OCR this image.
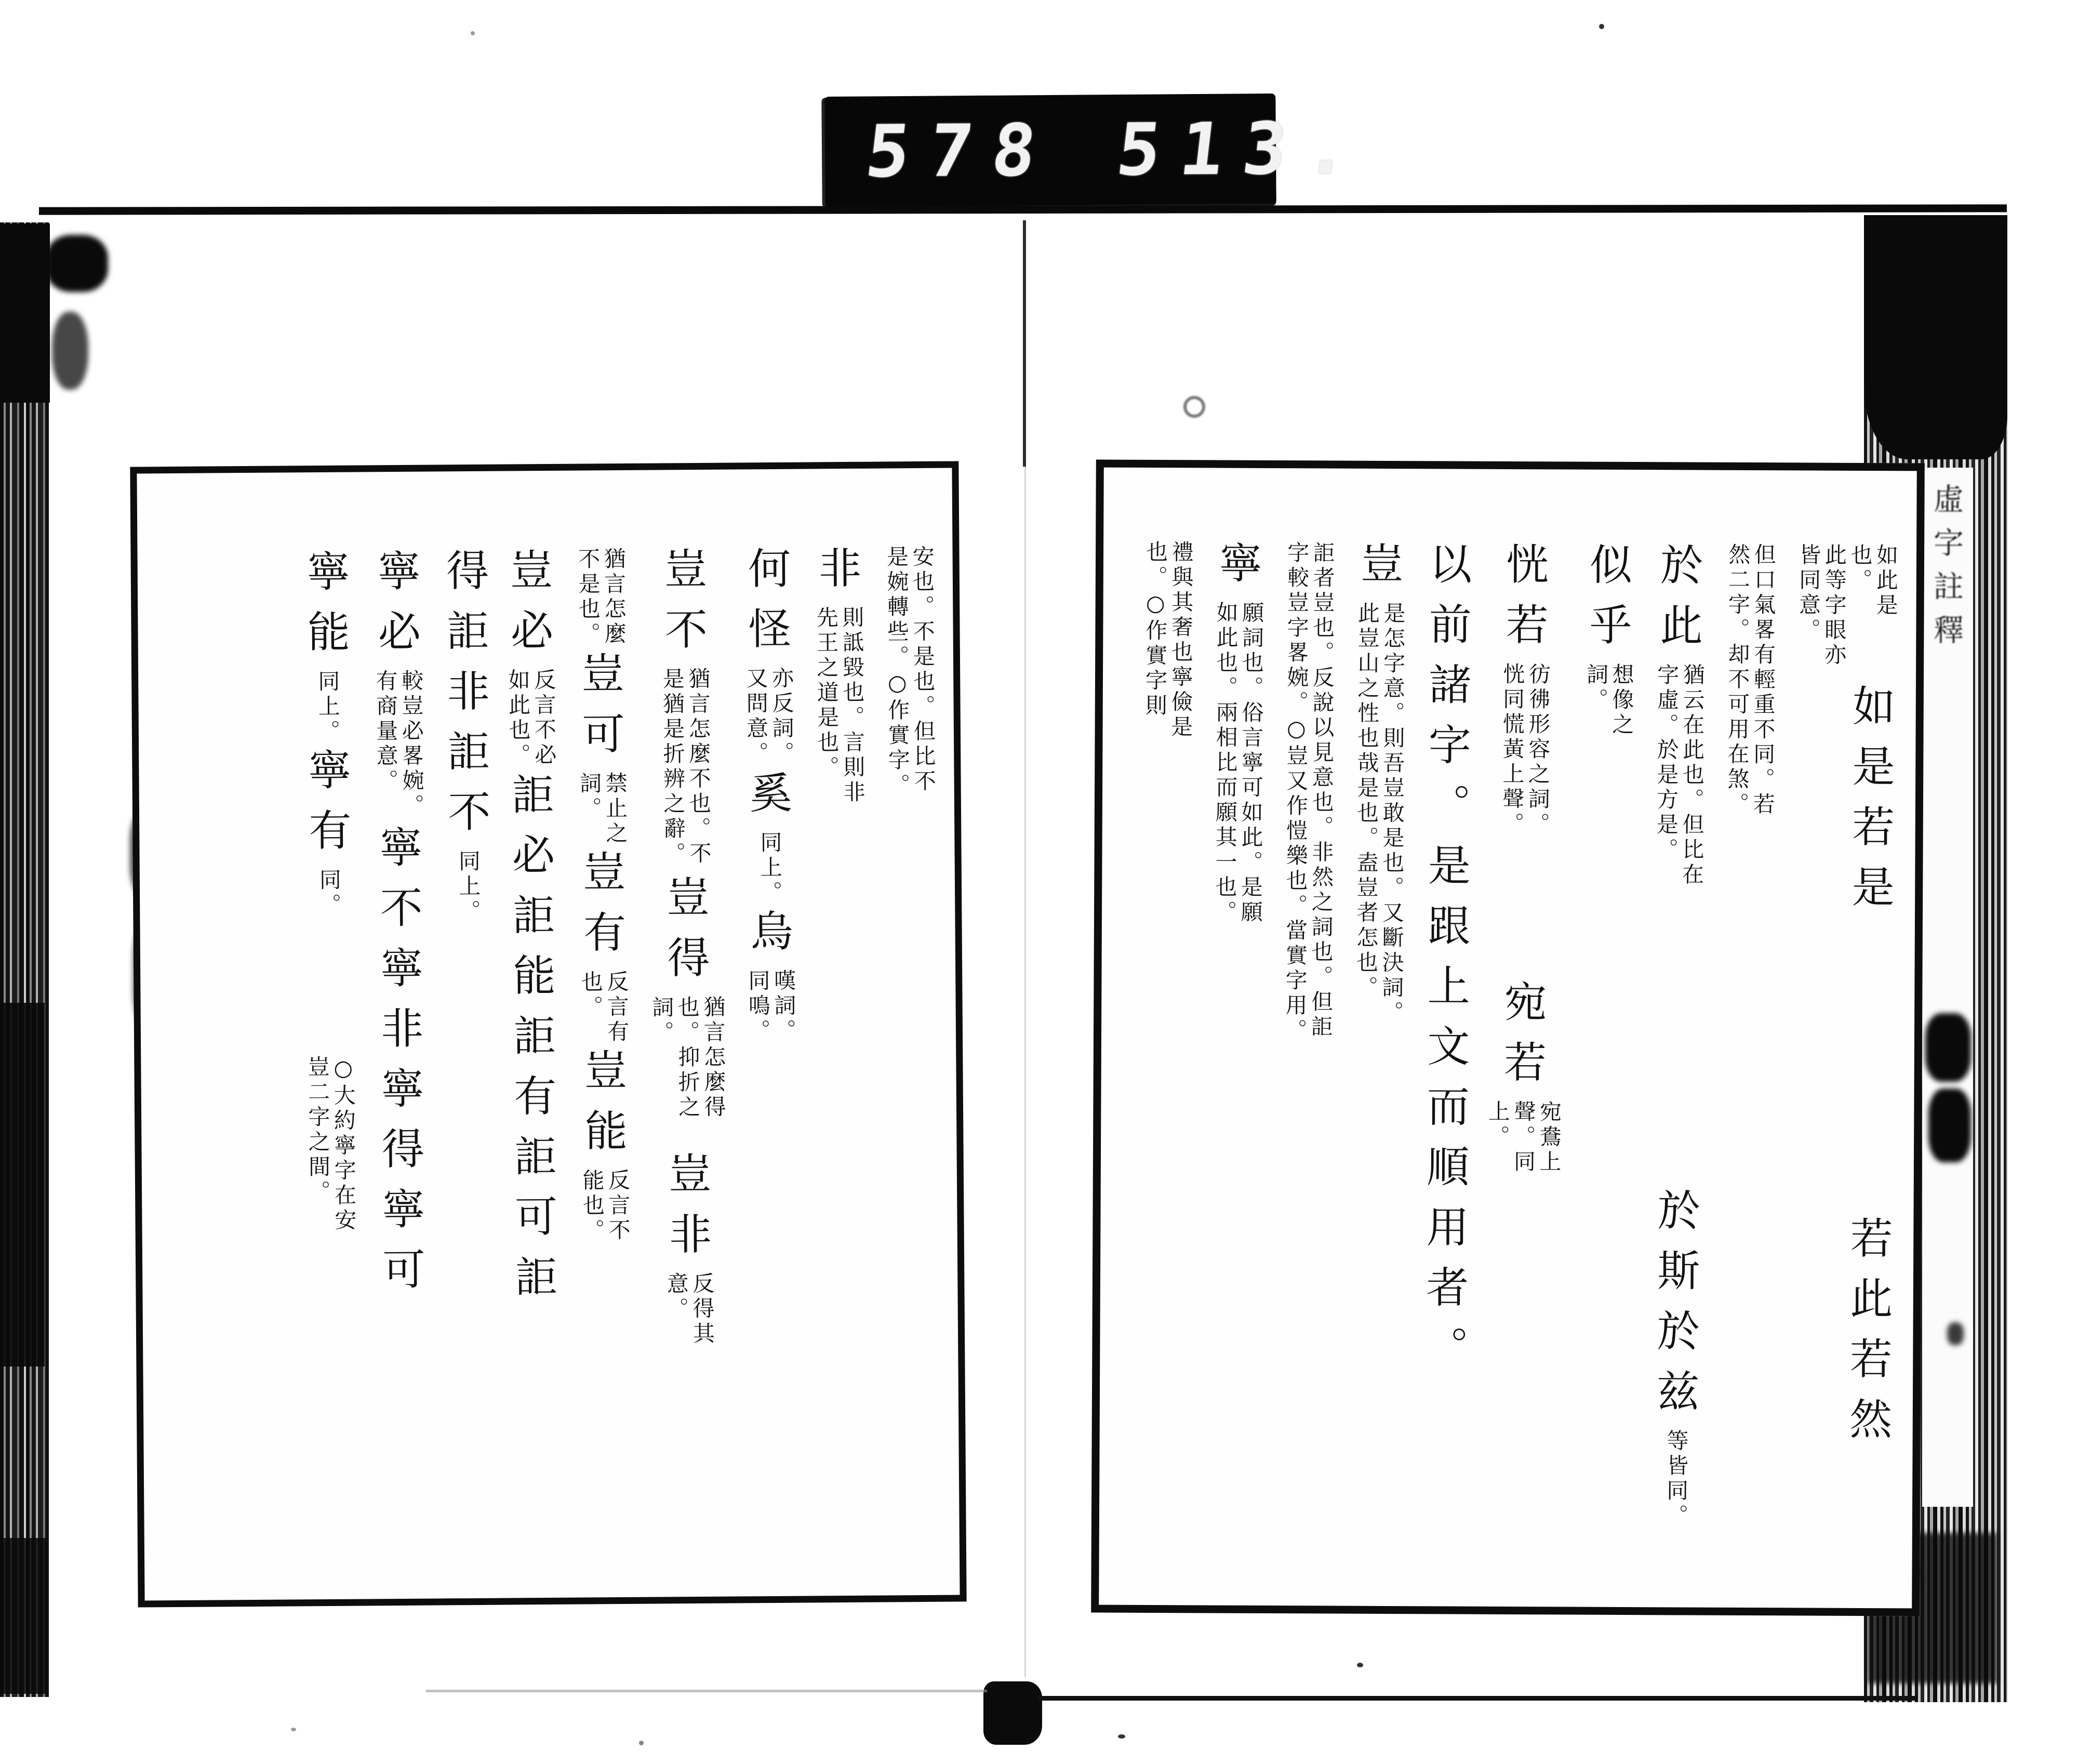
578 513.
虛字註釋
安也。不是也。但比不是婉轉些。○作實字。
非則詆毀也。言則非先王之道是也。
何怪亦反詞。又問意。奚同上。烏嘆詞。同鳴。
豈不猶言怎麼不也。不是猶是折辨之辭。豈得猶言怎麼得也。抑折之詞。豈非反得其意。
猶言怎麼不是也。豈可禁止之詞。豈有反言有也。豈能反言不能也。
豈必反言不必如此也。詎必詎能詎有詎可詎
得詎非詎不同上。
寧必較豈必畧婉。有商量意。寧不寧非寧得寧可
寧能同上。寧有同。○大約寧字在安豈二字之間。
如此是也。如是若是若此若然此等字眼亦皆同意。
但口氣畧有輕重不同。若然二字。却不可用在煞。
於此猶云在此也。但比在字虛。於是方是。於斯於兹等皆同。
似乎想像之詞。
恍若彷彿形容之詞。恍同慌黃上聲。宛若宛鴦上聲。同上。
以前諸字。是跟上文而順用者。
豈是怎字意。則吾豈敢是也。又斷決詞。此豈山之性也哉是也。盍豈者怎也。
詎者豈也。反說以見意也。非然之詞也。但詎字較豈字畧婉。○豈又作愷樂也。當實字用。
寧願詞也。俗言寧可如此。是願如此也。兩相比而願其一也。
禮與其奢也寧儉是也。○作實字則
